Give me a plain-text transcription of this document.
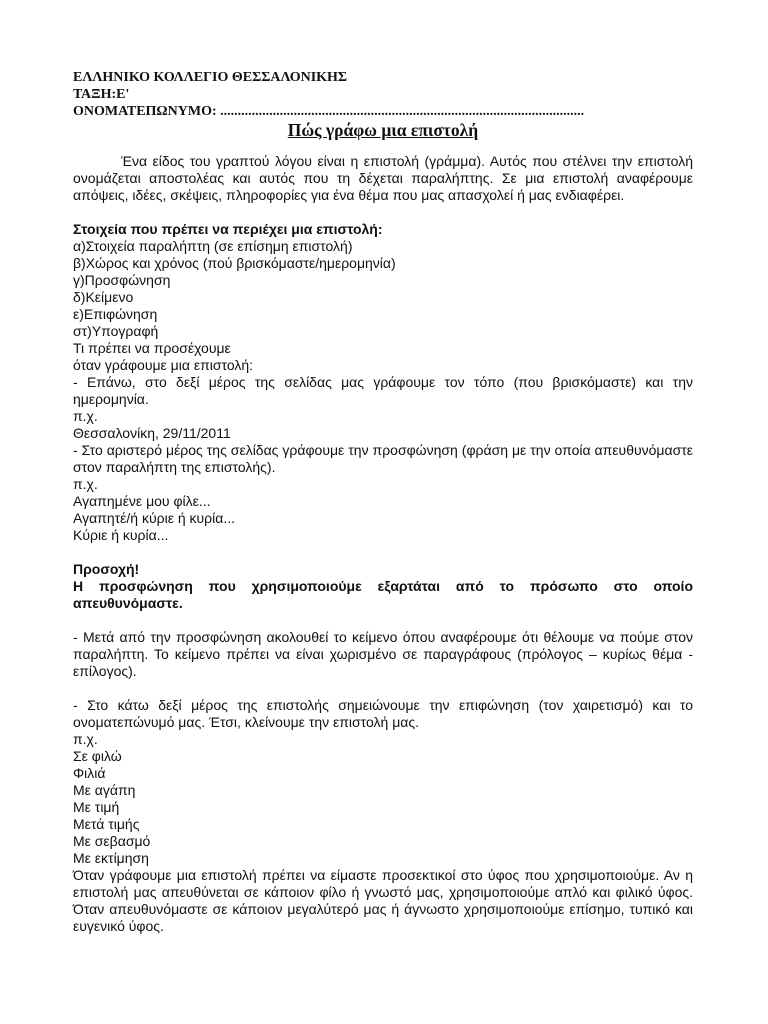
ΕΛΛΗΝΙΚΟ ΚΟΛΛΕΓΙΟ ΘΕΣΣΑΛΟΝΙΚΗΣ
ΤΑΞΗ:Ε'
ΟΝΟΜΑΤΕΠΩΝΥΜΟ: ........................................................................................................
Πώς γράφω μια επιστολή
Ένα είδος του γραπτού λόγου είναι η επιστολή (γράμμα). Αυτός που στέλνει την επιστολή ονομάζεται αποστολέας και αυτός που τη δέχεται παραλήπτης. Σε μια επιστολή αναφέρουμε απόψεις, ιδέες, σκέψεις, πληροφορίες για ένα θέμα που μας απασχολεί ή μας ενδιαφέρει.
Στοιχεία που πρέπει να περιέχει μια επιστολή:
α)Στοιχεία παραλήπτη (σε επίσημη επιστολή)
β)Χώρος και χρόνος (πού βρισκόμαστε/ημερομηνία)
γ)Προσφώνηση
δ)Κείμενο
ε)Επιφώνηση
στ)Υπογραφή
Τι πρέπει να προσέχουμε
όταν γράφουμε μια επιστολή:
- Επάνω, στο δεξί μέρος της σελίδας μας γράφουμε τον τόπο (που βρισκόμαστε) και την ημερομηνία.
π.χ.
Θεσσαλονίκη, 29/11/2011
- Στο αριστερό μέρος της σελίδας γράφουμε την προσφώνηση (φράση με την οποία απευθυνόμαστε στον παραλήπτη της επιστολής).
π.χ.
Αγαπημένε μου φίλε...
Αγαπητέ/ή κύριε ή κυρία...
Κύριε ή κυρία...
Προσοχή!
Η προσφώνηση που χρησιμοποιούμε εξαρτάται από το πρόσωπο στο οποίο απευθυνόμαστε.
- Μετά από την προσφώνηση ακολουθεί το κείμενο όπου αναφέρουμε ότι θέλουμε να πούμε στον παραλήπτη. Το κείμενο πρέπει να είναι χωρισμένο σε παραγράφους (πρόλογος – κυρίως θέμα - επίλογος).
- Στο κάτω δεξί μέρος της επιστολής σημειώνουμε την επιφώνηση (τον χαιρετισμό) και το ονοματεπώνυμό μας. Έτσι, κλείνουμε την επιστολή μας.
π.χ.
Σε φιλώ
Φιλιά
Με αγάπη
Με τιμή
Μετά τιμής
Με σεβασμό
Με εκτίμηση
Όταν γράφουμε μια επιστολή πρέπει να είμαστε προσεκτικοί στο ύφος που χρησιμοποιούμε. Αν η επιστολή μας απευθύνεται σε κάποιον φίλο ή γνωστό μας, χρησιμοποιούμε απλό και φιλικό ύφος. Όταν απευθυνόμαστε σε κάποιον μεγαλύτερό μας ή άγνωστο χρησιμοποιούμε επίσημο, τυπικό και ευγενικό ύφος.
